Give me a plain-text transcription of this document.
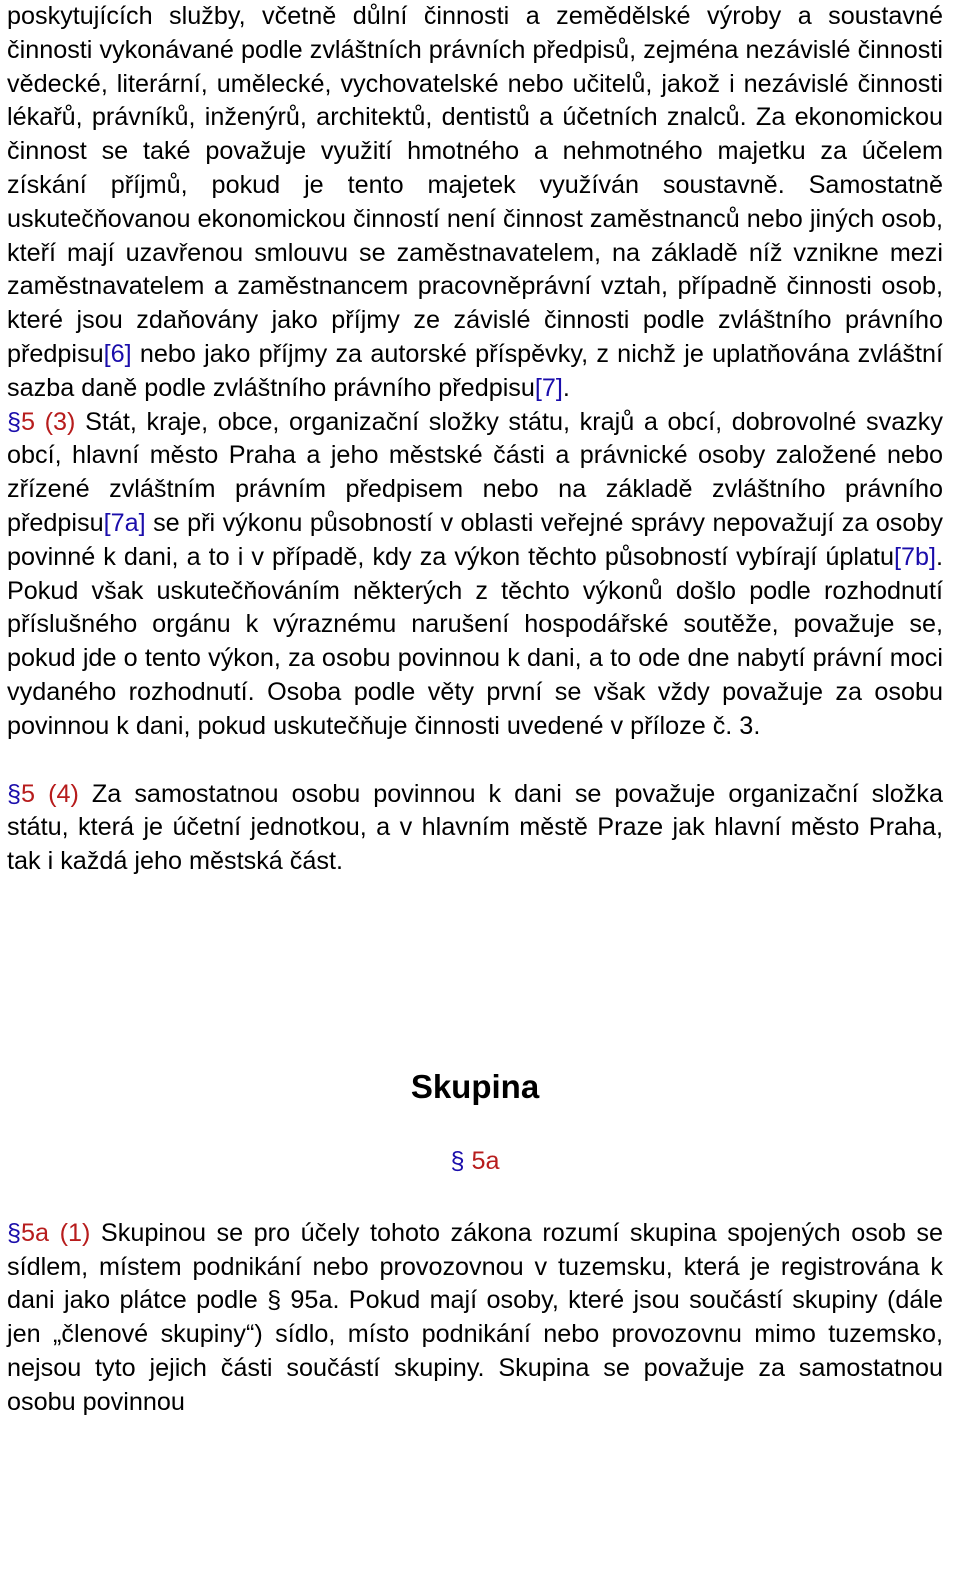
poskytujících služby, včetně důlní činnosti a zemědělské výroby a soustavné činnosti vykonávané podle zvláštních právních předpisů, zejména nezávislé činnosti vědecké, literární, umělecké, vychovatelské nebo učitelů, jakož i nezávislé činnosti lékařů, právníků, inženýrů, architektů, dentistů a účetních znalců. Za ekonomickou činnost se také považuje využití hmotného a nehmotného majetku za účelem získání příjmů, pokud je tento majetek využíván soustavně. Samostatně uskutečňovanou ekonomickou činností není činnost zaměstnanců nebo jiných osob, kteří mají uzavřenou smlouvu se zaměstnavatelem, na základě níž vznikne mezi zaměstnavatelem a zaměstnancem pracovněprávní vztah, případně činnosti osob, které jsou zdaňovány jako příjmy ze závislé činnosti podle zvláštního právního předpisu[6] nebo jako příjmy za autorské příspěvky, z nichž je uplatňována zvláštní sazba daně podle zvláštního právního předpisu[7].

§5 (3) Stát, kraje, obce, organizační složky státu, krajů a obcí, dobrovolné svazky obcí, hlavní město Praha a jeho městské části a právnické osoby založené nebo zřízené zvláštním právním předpisem nebo na základě zvláštního právního předpisu[7a] se při výkonu působností v oblasti veřejné správy nepovažují za osoby povinné k dani, a to i v případě, kdy za výkon těchto působností vybírají úplatu[7b]. Pokud však uskutečňováním některých z těchto výkonů došlo podle rozhodnutí příslušného orgánu k výraznému narušení hospodářské soutěže, považuje se, pokud jde o tento výkon, za osobu povinnou k dani, a to ode dne nabytí právní moci vydaného rozhodnutí. Osoba podle věty první se však vždy považuje za osobu povinnou k dani, pokud uskutečňuje činnosti uvedené v příloze č. 3.

§5 (4) Za samostatnou osobu povinnou k dani se považuje organizační složka státu, která je účetní jednotkou, a v hlavním městě Praze jak hlavní město Praha, tak i každá jeho městská část.

Skupina

§ 5a

§5a (1) Skupinou se pro účely tohoto zákona rozumí skupina spojených osob se sídlem, místem podnikání nebo provozovnou v tuzemsku, která je registrována k dani jako plátce podle § 95a. Pokud mají osoby, které jsou součástí skupiny (dále jen „členové skupiny“) sídlo, místo podnikání nebo provozovnu mimo tuzemsko, nejsou tyto jejich části součástí skupiny. Skupina se považuje za samostatnou osobu povinnou
